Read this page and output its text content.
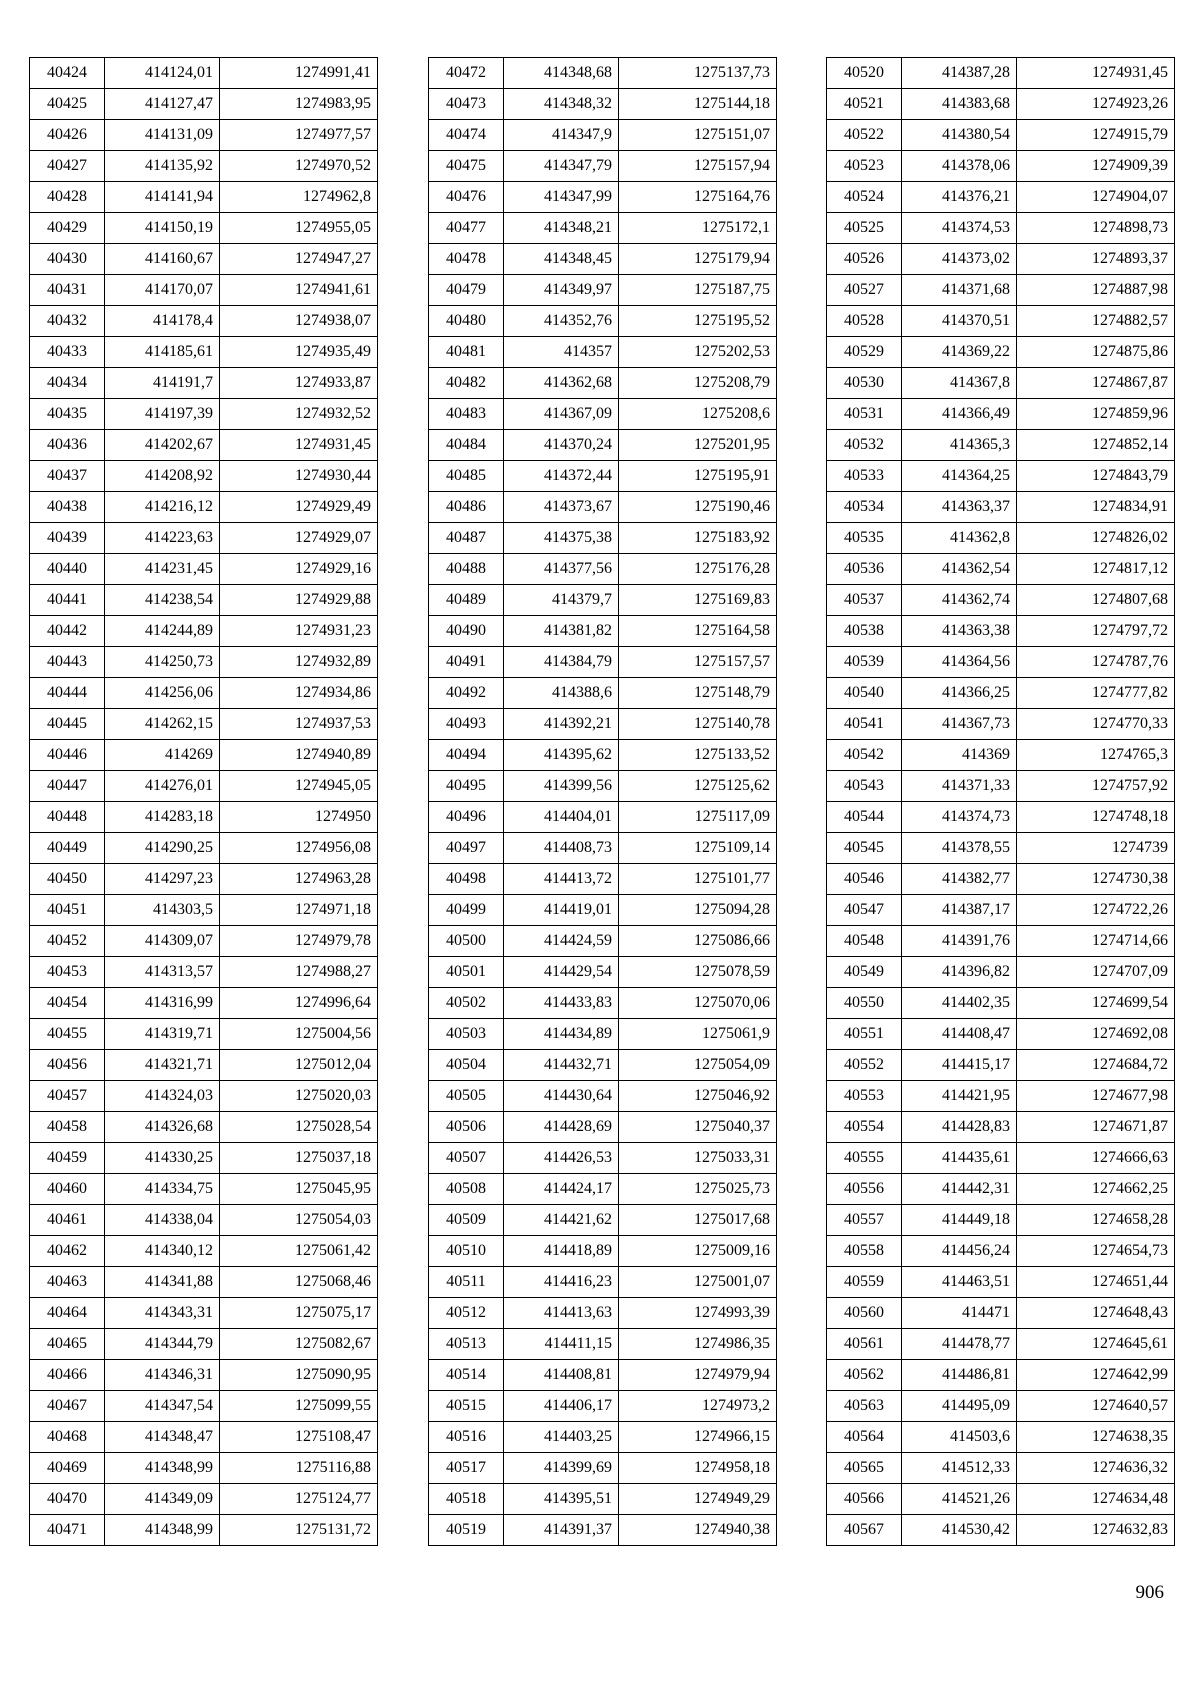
40424	414124,01	1274991,41
40425	414127,47	1274983,95
40426	414131,09	1274977,57
40427	414135,92	1274970,52
40428	414141,94	1274962,8
40429	414150,19	1274955,05
40430	414160,67	1274947,27
40431	414170,07	1274941,61
40432	414178,4	1274938,07
40433	414185,61	1274935,49
40434	414191,7	1274933,87
40435	414197,39	1274932,52
40436	414202,67	1274931,45
40437	414208,92	1274930,44
40438	414216,12	1274929,49
40439	414223,63	1274929,07
40440	414231,45	1274929,16
40441	414238,54	1274929,88
40442	414244,89	1274931,23
40443	414250,73	1274932,89
40444	414256,06	1274934,86
40445	414262,15	1274937,53
40446	414269	1274940,89
40447	414276,01	1274945,05
40448	414283,18	1274950
40449	414290,25	1274956,08
40450	414297,23	1274963,28
40451	414303,5	1274971,18
40452	414309,07	1274979,78
40453	414313,57	1274988,27
40454	414316,99	1274996,64
40455	414319,71	1275004,56
40456	414321,71	1275012,04
40457	414324,03	1275020,03
40458	414326,68	1275028,54
40459	414330,25	1275037,18
40460	414334,75	1275045,95
40461	414338,04	1275054,03
40462	414340,12	1275061,42
40463	414341,88	1275068,46
40464	414343,31	1275075,17
40465	414344,79	1275082,67
40466	414346,31	1275090,95
40467	414347,54	1275099,55
40468	414348,47	1275108,47
40469	414348,99	1275116,88
40470	414349,09	1275124,77
40471	414348,99	1275131,72
40472	414348,68	1275137,73
40473	414348,32	1275144,18
40474	414347,9	1275151,07
40475	414347,79	1275157,94
40476	414347,99	1275164,76
40477	414348,21	1275172,1
40478	414348,45	1275179,94
40479	414349,97	1275187,75
40480	414352,76	1275195,52
40481	414357	1275202,53
40482	414362,68	1275208,79
40483	414367,09	1275208,6
40484	414370,24	1275201,95
40485	414372,44	1275195,91
40486	414373,67	1275190,46
40487	414375,38	1275183,92
40488	414377,56	1275176,28
40489	414379,7	1275169,83
40490	414381,82	1275164,58
40491	414384,79	1275157,57
40492	414388,6	1275148,79
40493	414392,21	1275140,78
40494	414395,62	1275133,52
40495	414399,56	1275125,62
40496	414404,01	1275117,09
40497	414408,73	1275109,14
40498	414413,72	1275101,77
40499	414419,01	1275094,28
40500	414424,59	1275086,66
40501	414429,54	1275078,59
40502	414433,83	1275070,06
40503	414434,89	1275061,9
40504	414432,71	1275054,09
40505	414430,64	1275046,92
40506	414428,69	1275040,37
40507	414426,53	1275033,31
40508	414424,17	1275025,73
40509	414421,62	1275017,68
40510	414418,89	1275009,16
40511	414416,23	1275001,07
40512	414413,63	1274993,39
40513	414411,15	1274986,35
40514	414408,81	1274979,94
40515	414406,17	1274973,2
40516	414403,25	1274966,15
40517	414399,69	1274958,18
40518	414395,51	1274949,29
40519	414391,37	1274940,38
40520	414387,28	1274931,45
40521	414383,68	1274923,26
40522	414380,54	1274915,79
40523	414378,06	1274909,39
40524	414376,21	1274904,07
40525	414374,53	1274898,73
40526	414373,02	1274893,37
40527	414371,68	1274887,98
40528	414370,51	1274882,57
40529	414369,22	1274875,86
40530	414367,8	1274867,87
40531	414366,49	1274859,96
40532	414365,3	1274852,14
40533	414364,25	1274843,79
40534	414363,37	1274834,91
40535	414362,8	1274826,02
40536	414362,54	1274817,12
40537	414362,74	1274807,68
40538	414363,38	1274797,72
40539	414364,56	1274787,76
40540	414366,25	1274777,82
40541	414367,73	1274770,33
40542	414369	1274765,3
40543	414371,33	1274757,92
40544	414374,73	1274748,18
40545	414378,55	1274739
40546	414382,77	1274730,38
40547	414387,17	1274722,26
40548	414391,76	1274714,66
40549	414396,82	1274707,09
40550	414402,35	1274699,54
40551	414408,47	1274692,08
40552	414415,17	1274684,72
40553	414421,95	1274677,98
40554	414428,83	1274671,87
40555	414435,61	1274666,63
40556	414442,31	1274662,25
40557	414449,18	1274658,28
40558	414456,24	1274654,73
40559	414463,51	1274651,44
40560	414471	1274648,43
40561	414478,77	1274645,61
40562	414486,81	1274642,99
40563	414495,09	1274640,57
40564	414503,6	1274638,35
40565	414512,33	1274636,32
40566	414521,26	1274634,48
40567	414530,42	1274632,83
906
